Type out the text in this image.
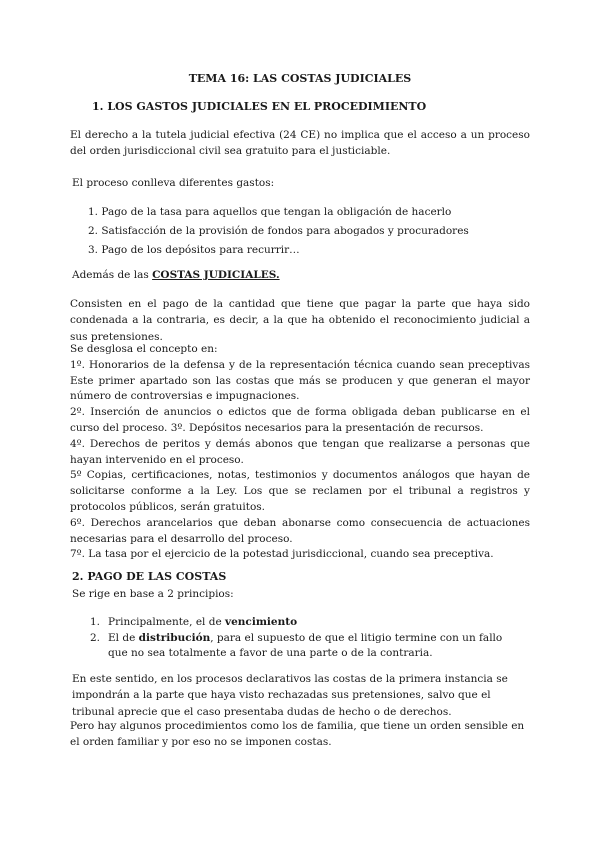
TEMA 16: LAS COSTAS JUDICIALES
1. LOS GASTOS JUDICIALES EN EL PROCEDIMIENTO
El derecho a la tutela judicial efectiva (24 CE) no implica que el acceso a un proceso del orden jurisdiccional civil sea gratuito para el justiciable.
El proceso conlleva diferentes gastos:
1. Pago de la tasa para aquellos que tengan la obligación de hacerlo
2. Satisfacción de la provisión de fondos para abogados y procuradores
3. Pago de los depósitos para recurrir…
Además de las COSTAS JUDICIALES.
Consisten en el pago de la cantidad que tiene que pagar la parte que haya sido condenada a la contraria, es decir, a la que ha obtenido el reconocimiento judicial a sus pretensiones.

Se desglosa el concepto en:

1º. Honorarios de la defensa y de la representación técnica cuando sean preceptivas Este primer apartado son las costas que más se producen y que generan el mayor número de controversias e impugnaciones.

2º. Inserción de anuncios o edictos que de forma obligada deban publicarse en el curso del proceso. 3º. Depósitos necesarios para la presentación de recursos.

4º. Derechos de peritos y demás abonos que tengan que realizarse a personas que hayan intervenido en el proceso.

5º Copias, certificaciones, notas, testimonios y documentos análogos que hayan de solicitarse conforme a la Ley. Los que se reclamen por el tribunal a registros y protocolos públicos, serán gratuitos.

6º. Derechos arancelarios que deban abonarse como consecuencia de actuaciones necesarias para el desarrollo del proceso.

7º. La tasa por el ejercicio de la potestad jurisdiccional, cuando sea preceptiva.

2. PAGO DE LAS COSTAS
Se rige en base a 2 principios:
1. Principalmente, el de vencimiento
2. El de distribución, para el supuesto de que el litigio termine con un fallo que no sea totalmente a favor de una parte o de la contraria.
En este sentido, en los procesos declarativos las costas de la primera instancia se impondrán a la parte que haya visto rechazadas sus pretensiones, salvo que el tribunal aprecie que el caso presentaba dudas de hecho o de derechos.
Pero hay algunos procedimientos como los de familia, que tiene un orden sensible en el orden familiar y por eso no se imponen costas.
